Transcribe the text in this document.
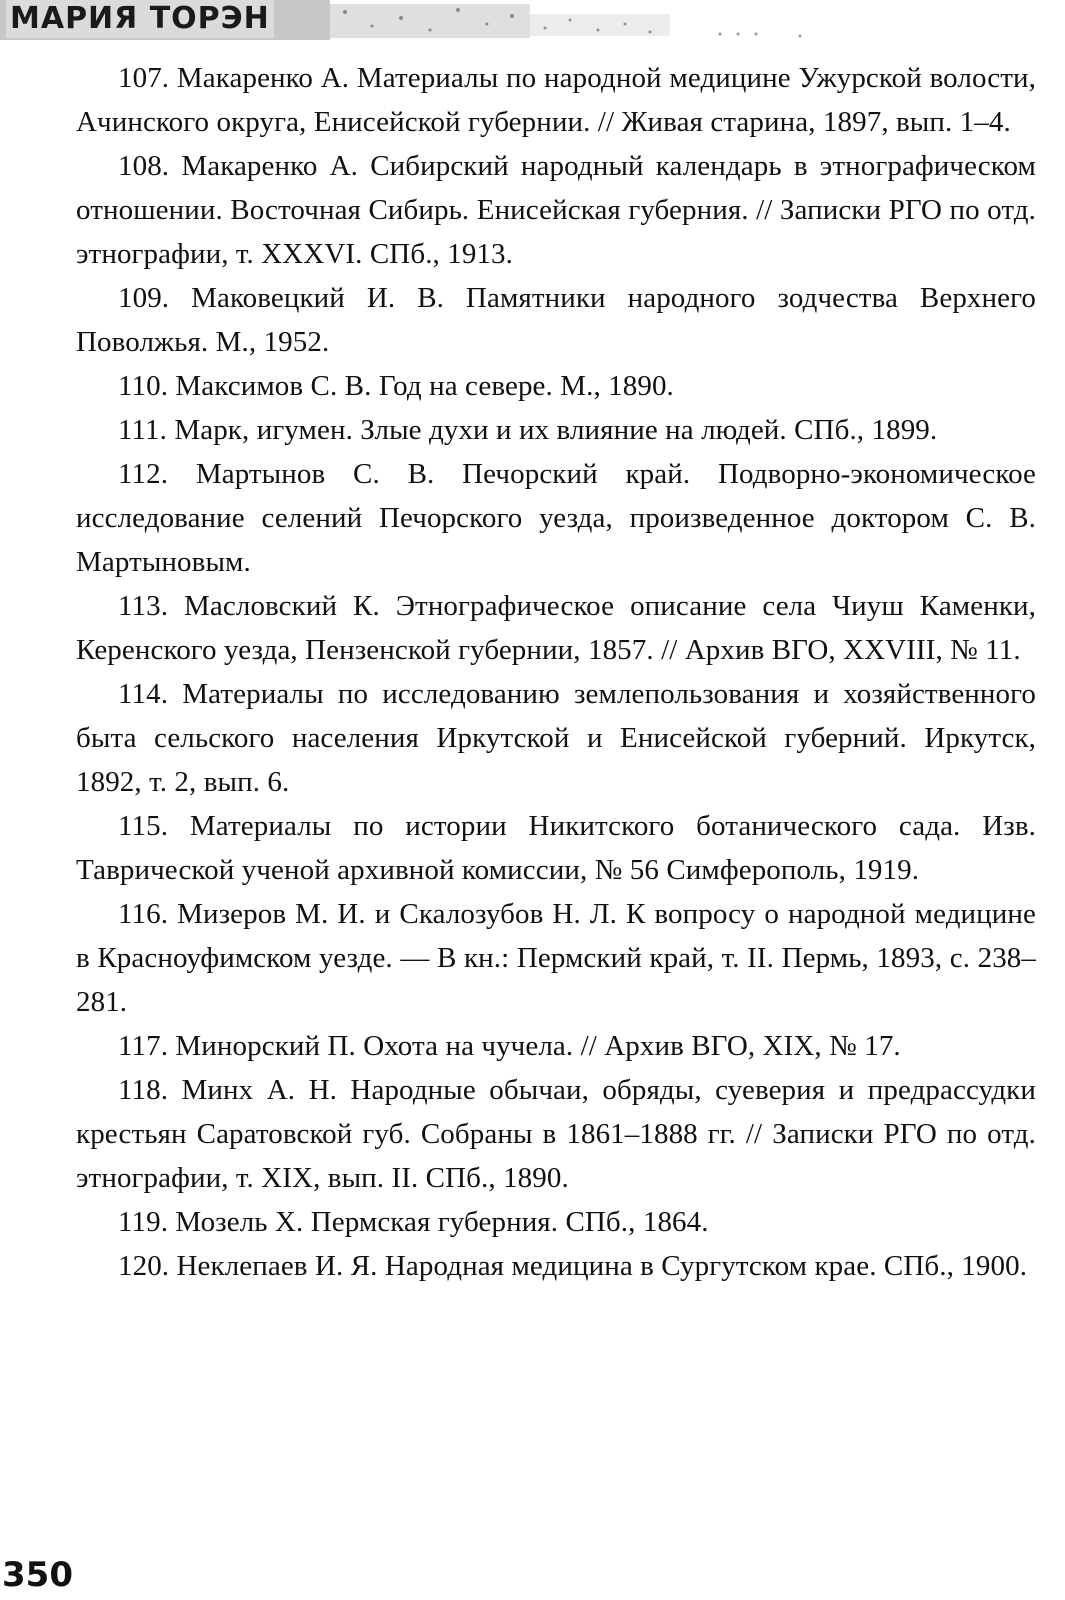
МАРИЯ ТОРЭН

107. Макаренко А. Материалы по народной медицине Ужурской волости, Ачинского округа, Енисейской губернии. // Живая старина, 1897, вып. 1–4.

108. Макаренко А. Сибирский народный календарь в этнографическом отношении. Восточная Сибирь. Енисейская губерния. // Записки РГО по отд. этнографии, т. XXXVI. СПб., 1913.

109. Маковецкий И. В. Памятники народного зодчества Верхнего Поволжья. М., 1952.

110. Максимов С. В. Год на севере. М., 1890.

111. Марк, игумен. Злые духи и их влияние на людей. СПб., 1899.

112. Мартынов С. В. Печорский край. Подворно-экономическое исследование селений Печорского уезда, произведенное доктором С. В. Мартыновым.

113. Масловский К. Этнографическое описание села Чиуш Каменки, Керенского уезда, Пензенской губернии, 1857. // Архив ВГО, XXVIII, № 11.

114. Материалы по исследованию землепользования и хозяйственного быта сельского населения Иркутской и Енисейской губерний. Иркутск, 1892, т. 2, вып. 6.

115. Материалы по истории Никитского ботанического сада. Изв. Таврической ученой архивной комиссии, № 56 Симферополь, 1919.

116. Мизеров М. И. и Скалозубов Н. Л. К вопросу о народной медицине в Красноуфимском уезде. — В кн.: Пермский край, т. II. Пермь, 1893, с. 238–281.

117. Минорский П. Охота на чучела. // Архив ВГО, XIX, № 17.

118. Минх А. Н. Народные обычаи, обряды, суеверия и предрассудки крестьян Саратовской губ. Собраны в 1861–1888 гг. // Записки РГО по отд. этнографии, т. XIX, вып. II. СПб., 1890.

119. Мозель Х. Пермская губерния. СПб., 1864.

120. Неклепаев И. Я. Народная медицина в Сургутском крае. СПб., 1900.

350
